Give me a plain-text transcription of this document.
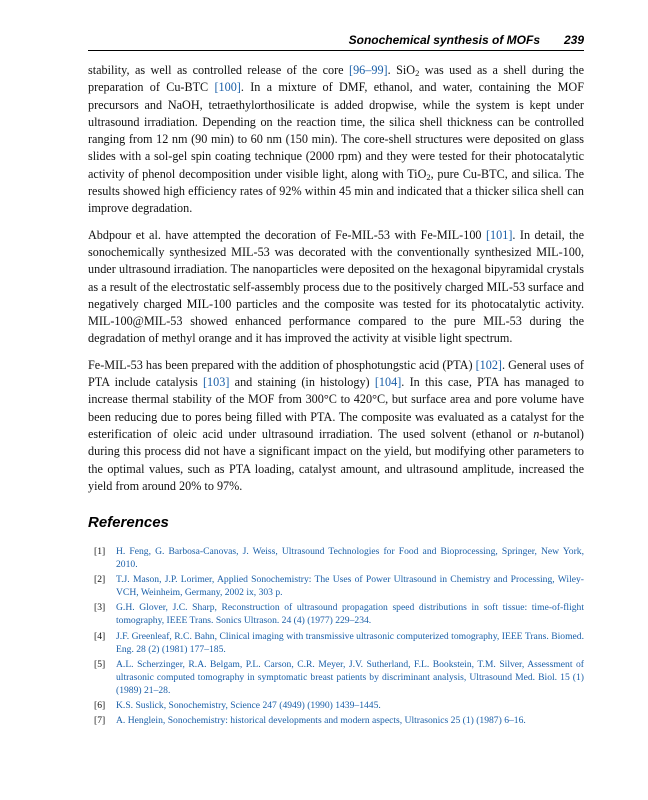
Sonochemical synthesis of MOFs 239

stability, as well as controlled release of the core [96–99]. SiO$_2$ was used as a shell during the preparation of Cu-BTC [100]. In a mixture of DMF, ethanol, and water, containing the MOF precursors and NaOH, tetraethylorthosilicate is added dropwise, while the system is kept under ultrasound irradiation. Depending on the reaction time, the silica shell thickness can be controlled ranging from 12 nm (90 min) to 60 nm (150 min). The core-shell structures were deposited on glass slides with a sol-gel spin coating technique (2000 rpm) and they were tested for their photocatalytic activity of phenol decomposition under visible light, along with TiO$_2$, pure Cu-BTC, and silica. The results showed high efficiency rates of 92% within 45 min and indicated that a thicker silica shell can improve degradation.

Abdpour et al. have attempted the decoration of Fe-MIL-53 with Fe-MIL-100 [101]. In detail, the sonochemically synthesized MIL-53 was decorated with the conventionally synthesized MIL-100, under ultrasound irradiation. The nanoparticles were deposited on the hexagonal bipyramidal crystals as a result of the electrostatic self-assembly process due to the positively charged MIL-53 surface and negatively charged MIL-100 particles and the composite was tested for its photocatalytic activity. MIL-100@MIL-53 showed enhanced performance compared to the pure MIL-53 during the degradation of methyl orange and it has improved the activity at visible light spectrum.

Fe-MIL-53 has been prepared with the addition of phosphotungstic acid (PTA) [102]. General uses of PTA include catalysis [103] and staining (in histology) [104]. In this case, PTA has managed to increase thermal stability of the MOF from 300°C to 420°C, but surface area and pore volume have been reducing due to pores being filled with PTA. The composite was evaluated as a catalyst for the esterification of oleic acid under ultrasound irradiation. The used solvent (ethanol or n-butanol) during this process did not have a significant impact on the yield, but modifying other parameters to the optimal values, such as PTA loading, catalyst amount, and ultrasound amplitude, increased the yield from around 20% to 97%.

References
[1] H. Feng, G. Barbosa-Canovas, J. Weiss, Ultrasound Technologies for Food and Bioprocessing, Springer, New York, 2010.
[2] T.J. Mason, J.P. Lorimer, Applied Sonochemistry: The Uses of Power Ultrasound in Chemistry and Processing, Wiley-VCH, Weinheim, Germany, 2002 ix, 303 p.
[3] G.H. Glover, J.C. Sharp, Reconstruction of ultrasound propagation speed distributions in soft tissue: time-of-flight tomography, IEEE Trans. Sonics Ultrason. 24 (4) (1977) 229–234.
[4] J.F. Greenleaf, R.C. Bahn, Clinical imaging with transmissive ultrasonic computerized tomography, IEEE Trans. Biomed. Eng. 28 (2) (1981) 177–185.
[5] A.L. Scherzinger, R.A. Belgam, P.L. Carson, C.R. Meyer, J.V. Sutherland, F.L. Bookstein, T.M. Silver, Assessment of ultrasonic computed tomography in symptomatic breast patients by discriminant analysis, Ultrasound Med. Biol. 15 (1) (1989) 21–28.
[6] K.S. Suslick, Sonochemistry, Science 247 (4949) (1990) 1439–1445.
[7] A. Henglein, Sonochemistry: historical developments and modern aspects, Ultrasonics 25 (1) (1987) 6–16.
